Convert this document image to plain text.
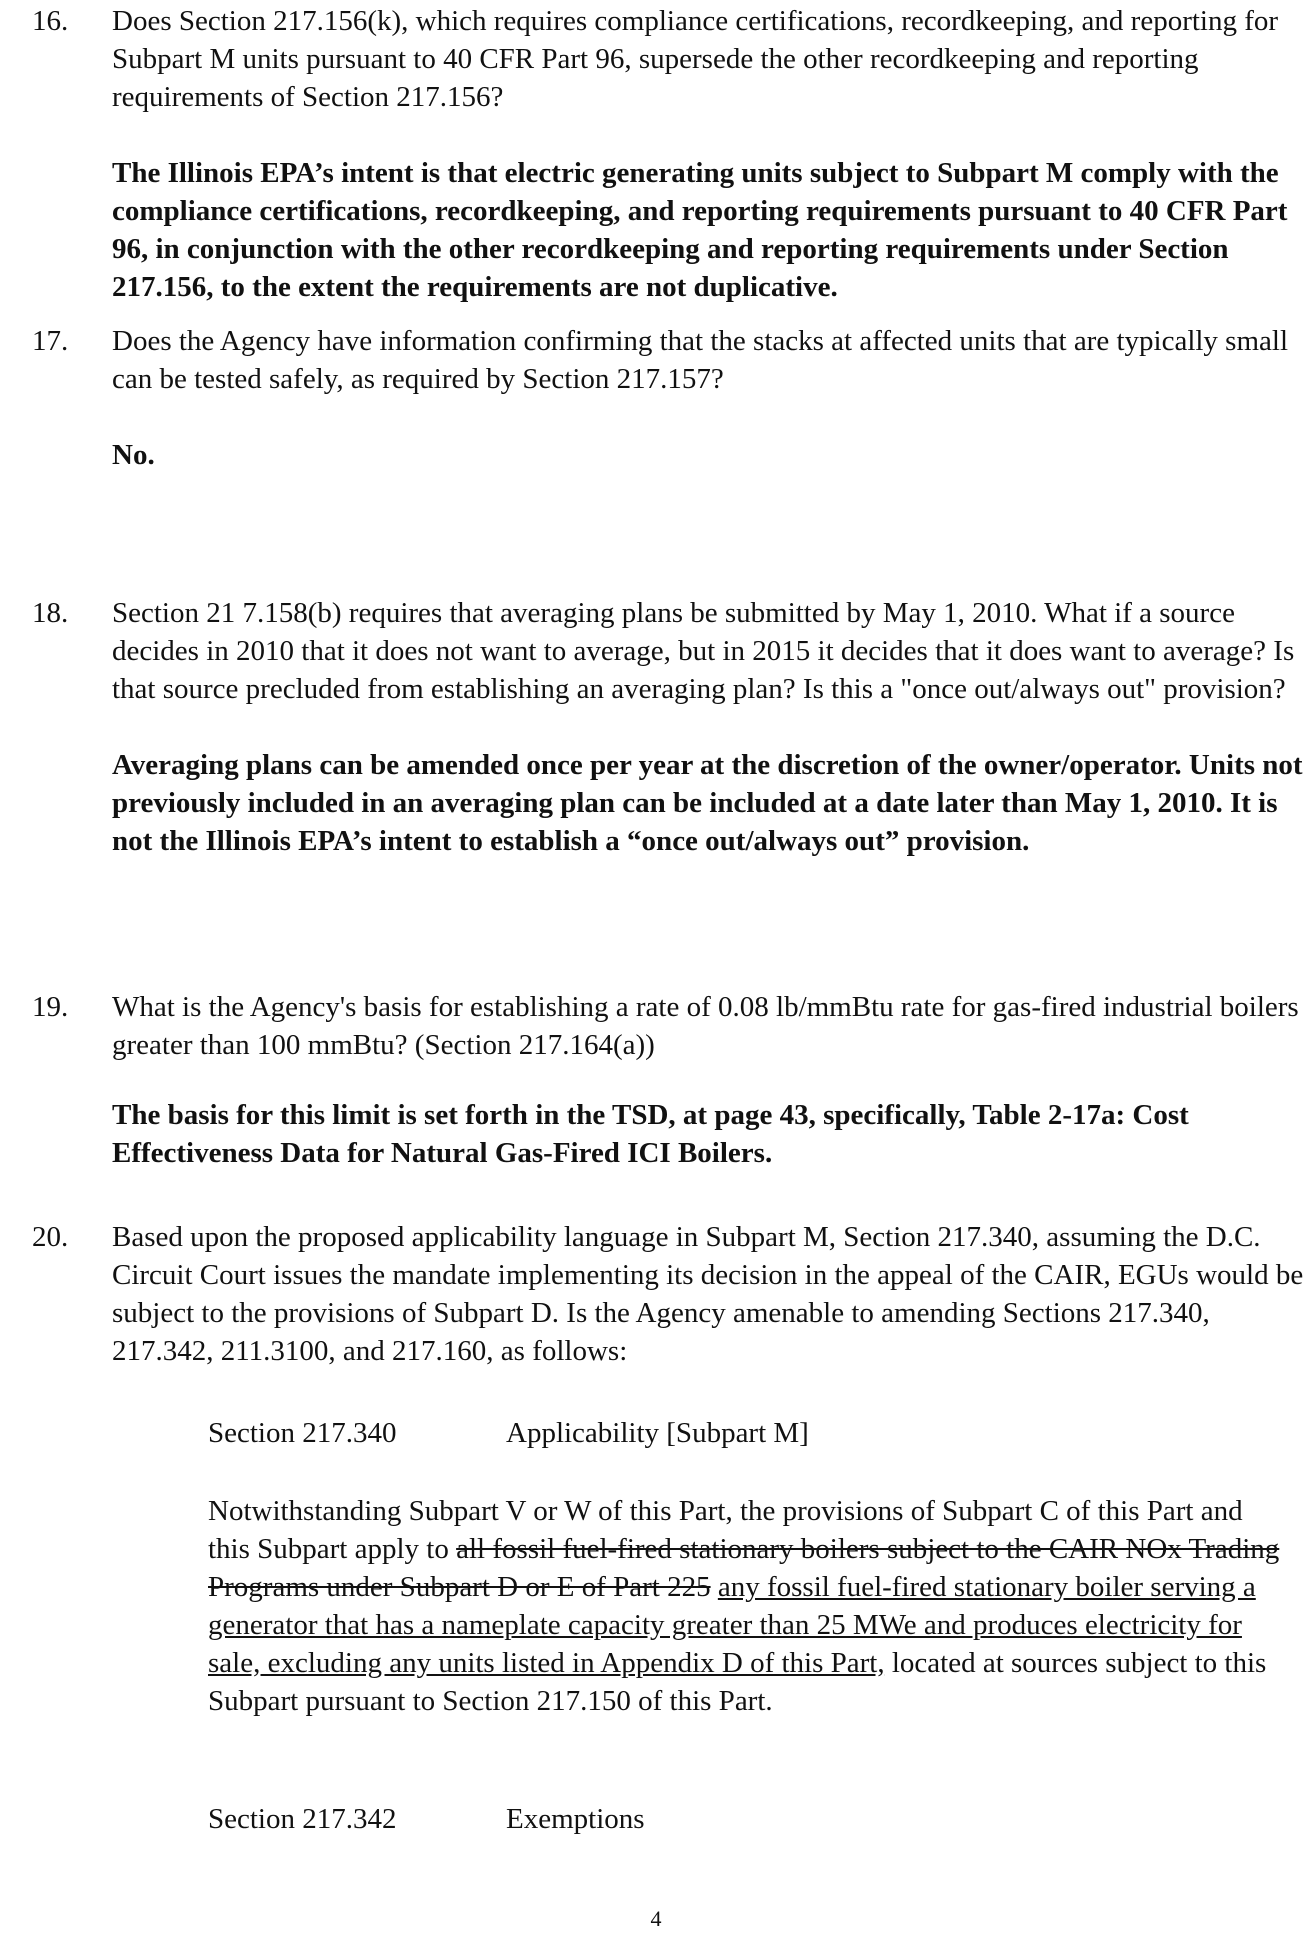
16. Does Section 217.156(k), which requires compliance certifications, recordkeeping, and reporting for Subpart M units pursuant to 40 CFR Part 96, supersede the other recordkeeping and reporting requirements of Section 217.156?
The Illinois EPA’s intent is that electric generating units subject to Subpart M comply with the compliance certifications, recordkeeping, and reporting requirements pursuant to 40 CFR Part 96, in conjunction with the other recordkeeping and reporting requirements under Section 217.156, to the extent the requirements are not duplicative.
17. Does the Agency have information confirming that the stacks at affected units that are typically small can be tested safely, as required by Section 217.157?
No.
18. Section 21 7.158(b) requires that averaging plans be submitted by May 1, 2010. What if a source decides in 2010 that it does not want to average, but in 2015 it decides that it does want to average? Is that source precluded from establishing an averaging plan? Is this a "once out/always out" provision?
Averaging plans can be amended once per year at the discretion of the owner/operator. Units not previously included in an averaging plan can be included at a date later than May 1, 2010. It is not the Illinois EPA’s intent to establish a “once out/always out” provision.
19. What is the Agency's basis for establishing a rate of 0.08 lb/mmBtu rate for gas-fired industrial boilers greater than 100 mmBtu? (Section 217.164(a))
The basis for this limit is set forth in the TSD, at page 43, specifically, Table 2-17a: Cost Effectiveness Data for Natural Gas-Fired ICI Boilers.
20. Based upon the proposed applicability language in Subpart M, Section 217.340, assuming the D.C. Circuit Court issues the mandate implementing its decision in the appeal of the CAIR, EGUs would be subject to the provisions of Subpart D. Is the Agency amenable to amending Sections 217.340, 217.342, 211.3100, and 217.160, as follows:
Section 217.340	Applicability [Subpart M]
Notwithstanding Subpart V or W of this Part, the provisions of Subpart C of this Part and this Subpart apply to all fossil fuel-fired stationary boilers subject to the CAIR NOx Trading Programs under Subpart D or E of Part 225 any fossil fuel-fired stationary boiler serving a generator that has a nameplate capacity greater than 25 MWe and produces electricity for sale, excluding any units listed in Appendix D of this Part, located at sources subject to this Subpart pursuant to Section 217.150 of this Part.
Section 217.342	Exemptions
4
